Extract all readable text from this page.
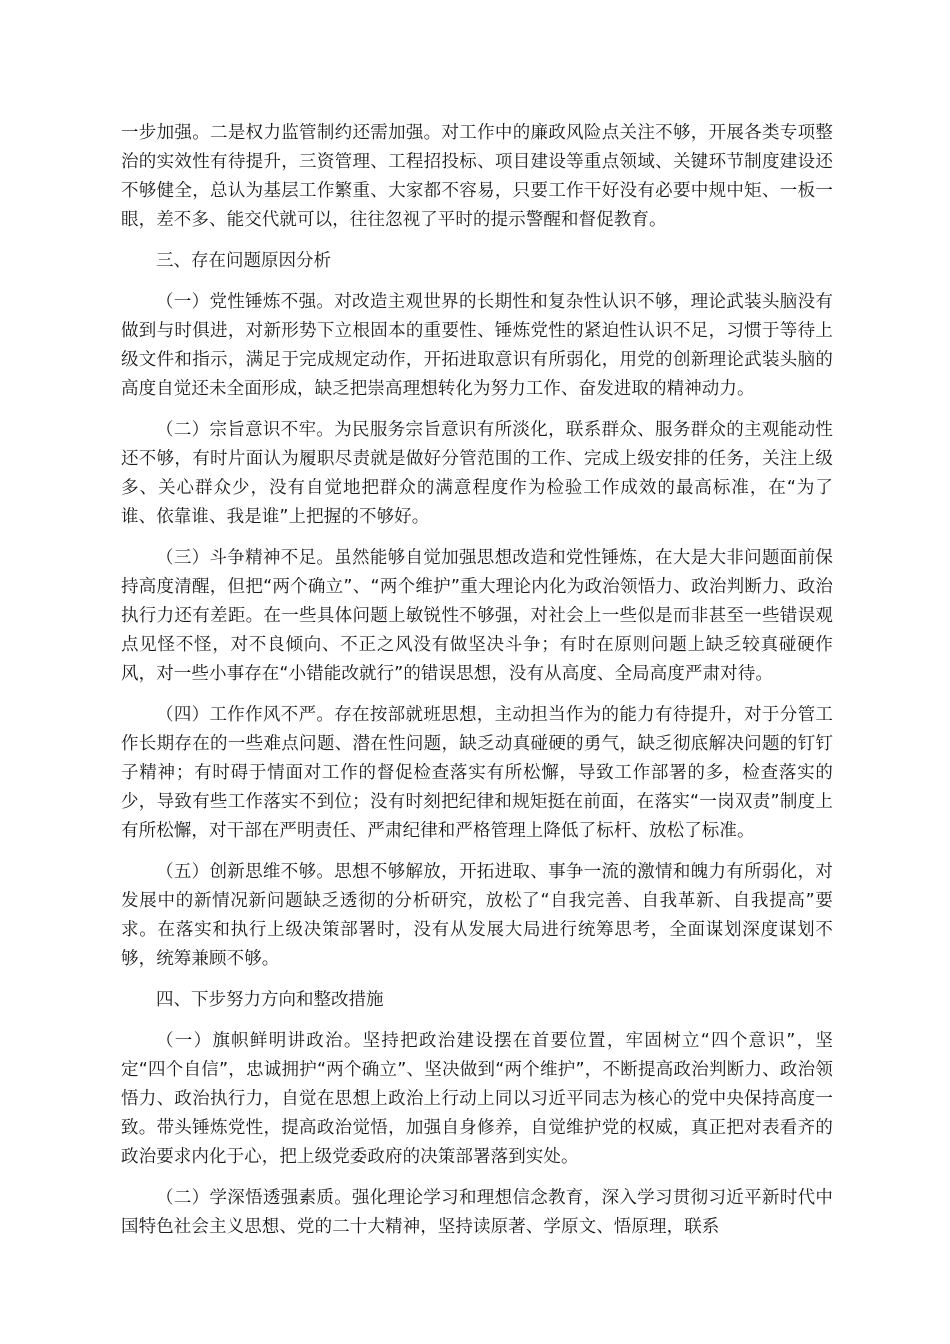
一步加强。二是权力监管制约还需加强。对工作中的廉政风险点关注不够，开展各类专项整治的实效性有待提升，三资管理、工程招投标、项目建设等重点领域、关键环节制度建设还不够健全，总认为基层工作繁重、大家都不容易，只要工作干好没有必要中规中矩、一板一眼，差不多、能交代就可以，往往忽视了平时的提示警醒和督促教育。

三、存在问题原因分析

（一）党性锤炼不强。对改造主观世界的长期性和复杂性认识不够，理论武装头脑没有做到与时俱进，对新形势下立根固本的重要性、锤炼党性的紧迫性认识不足，习惯于等待上级文件和指示，满足于完成规定动作，开拓进取意识有所弱化，用党的创新理论武装头脑的高度自觉还未全面形成，缺乏把崇高理想转化为努力工作、奋发进取的精神动力。

（二）宗旨意识不牢。为民服务宗旨意识有所淡化，联系群众、服务群众的主观能动性还不够，有时片面认为履职尽责就是做好分管范围的工作、完成上级安排的任务，关注上级多、关心群众少，没有自觉地把群众的满意程度作为检验工作成效的最高标准，在“为了谁、依靠谁、我是谁”上把握的不够好。

（三）斗争精神不足。虽然能够自觉加强思想改造和党性锤炼，在大是大非问题面前保持高度清醒，但把“两个确立”、“两个维护”重大理论内化为政治领悟力、政治判断力、政治执行力还有差距。在一些具体问题上敏锐性不够强，对社会上一些似是而非甚至一些错误观点见怪不怪，对不良倾向、不正之风没有做坚决斗争；有时在原则问题上缺乏较真碰硬作风，对一些小事存在“小错能改就行”的错误思想，没有从高度、全局高度严肃对待。

（四）工作作风不严。存在按部就班思想，主动担当作为的能力有待提升，对于分管工作长期存在的一些难点问题、潜在性问题，缺乏动真碰硬的勇气，缺乏彻底解决问题的钉钉子精神；有时碍于情面对工作的督促检查落实有所松懈，导致工作部署的多，检查落实的少，导致有些工作落实不到位；没有时刻把纪律和规矩挺在前面，在落实“一岗双责”制度上有所松懈，对干部在严明责任、严肃纪律和严格管理上降低了标杆、放松了标准。

（五）创新思维不够。思想不够解放，开拓进取、事争一流的激情和魄力有所弱化，对发展中的新情况新问题缺乏透彻的分析研究，放松了“自我完善、自我革新、自我提高”要求。在落实和执行上级决策部署时，没有从发展大局进行统筹思考，全面谋划深度谋划不够，统筹兼顾不够。

四、下步努力方向和整改措施

（一）旗帜鲜明讲政治。坚持把政治建设摆在首要位置，牢固树立“四个意识”，坚定“四个自信”，忠诚拥护“两个确立”、坚决做到“两个维护”，不断提高政治判断力、政治领悟力、政治执行力，自觉在思想上政治上行动上同以习近平同志为核心的党中央保持高度一致。带头锤炼党性，提高政治觉悟，加强自身修养，自觉维护党的权威，真正把对表看齐的政治要求内化于心，把上级党委政府的决策部署落到实处。

（二）学深悟透强素质。强化理论学习和理想信念教育，深入学习贯彻习近平新时代中国特色社会主义思想、党的二十大精神，坚持读原著、学原文、悟原理，联系
